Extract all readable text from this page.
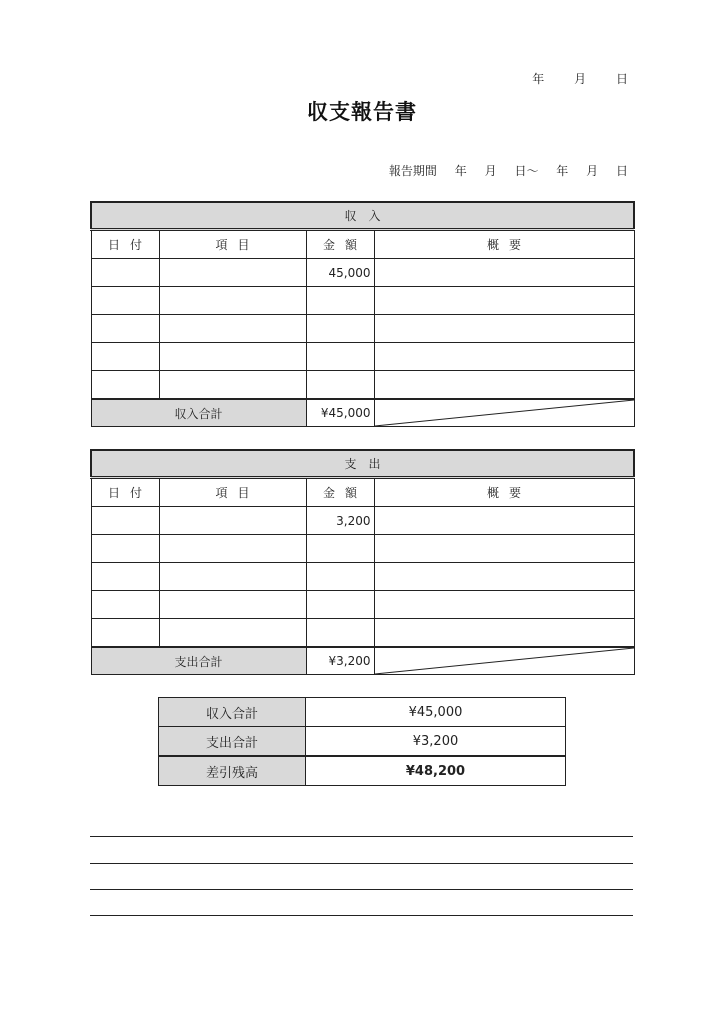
年 月 日
収支報告書
報告期間 年 月 日〜 年 月 日
収入			
日付	項目	金額	概要
		45,000	

収入合計		¥45,000	
支出			
日付	項目	金額	概要
		3,200	

支出合計		¥3,200	
収入合計	¥45,000
支出合計	¥3,200
差引残高	¥48,200
